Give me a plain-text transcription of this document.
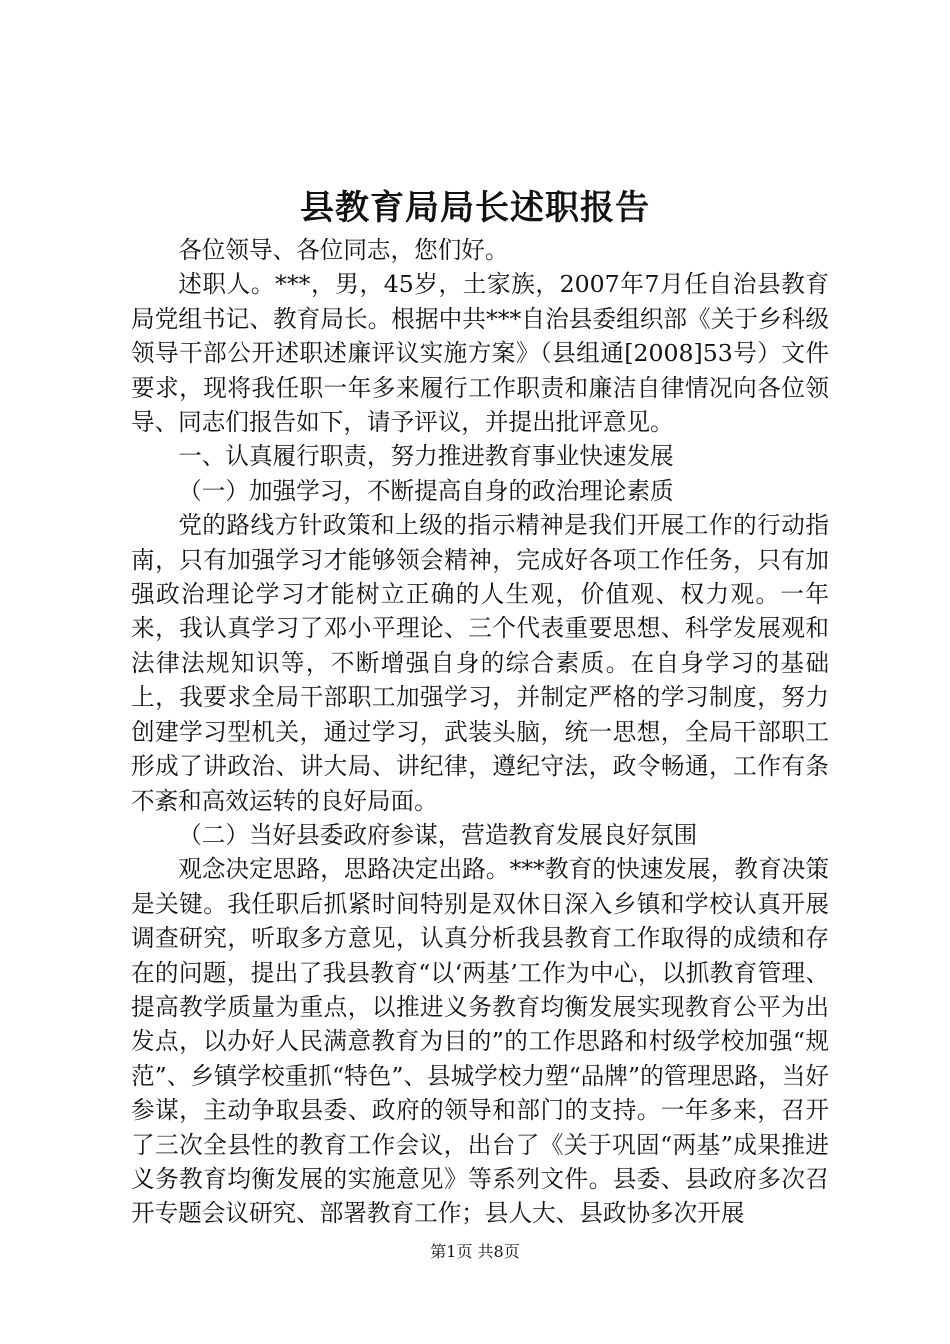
县教育局局长述职报告

各位领导、各位同志，您们好。

述职人。***，男，45岁，土家族，2007年7月任自治县教育局党组书记、教育局长。根据中共***自治县委组织部《关于乡科级领导干部公开述职述廉评议实施方案》（县组通[2008]53号）文件要求，现将我任职一年多来履行工作职责和廉洁自律情况向各位领导、同志们报告如下，请予评议，并提出批评意见。

一、认真履行职责，努力推进教育事业快速发展

（一）加强学习，不断提高自身的政治理论素质

党的路线方针政策和上级的指示精神是我们开展工作的行动指南，只有加强学习才能够领会精神，完成好各项工作任务，只有加强政治理论学习才能树立正确的人生观，价值观、权力观。一年来，我认真学习了邓小平理论、三个代表重要思想、科学发展观和法律法规知识等，不断增强自身的综合素质。在自身学习的基础上，我要求全局干部职工加强学习，并制定严格的学习制度，努力创建学习型机关，通过学习，武装头脑，统一思想，全局干部职工形成了讲政治、讲大局、讲纪律，遵纪守法，政令畅通，工作有条不紊和高效运转的良好局面。

（二）当好县委政府参谋，营造教育发展良好氛围

观念决定思路，思路决定出路。***教育的快速发展，教育决策是关键。我任职后抓紧时间特别是双休日深入乡镇和学校认真开展调查研究，听取多方意见，认真分析我县教育工作取得的成绩和存在的问题，提出了我县教育“以‘两基’工作为中心，以抓教育管理、提高教学质量为重点，以推进义务教育均衡发展实现教育公平为出发点，以办好人民满意教育为目的”的工作思路和村级学校加强“规范”、乡镇学校重抓“特色”、县城学校力塑“品牌”的管理思路，当好参谋，主动争取县委、政府的领导和部门的支持。一年多来，召开了三次全县性的教育工作会议，出台了《关于巩固“两基”成果推进义务教育均衡发展的实施意见》等系列文件。县委、县政府多次召开专题会议研究、部署教育工作；县人大、县政协多次开展

第1页 共8页
